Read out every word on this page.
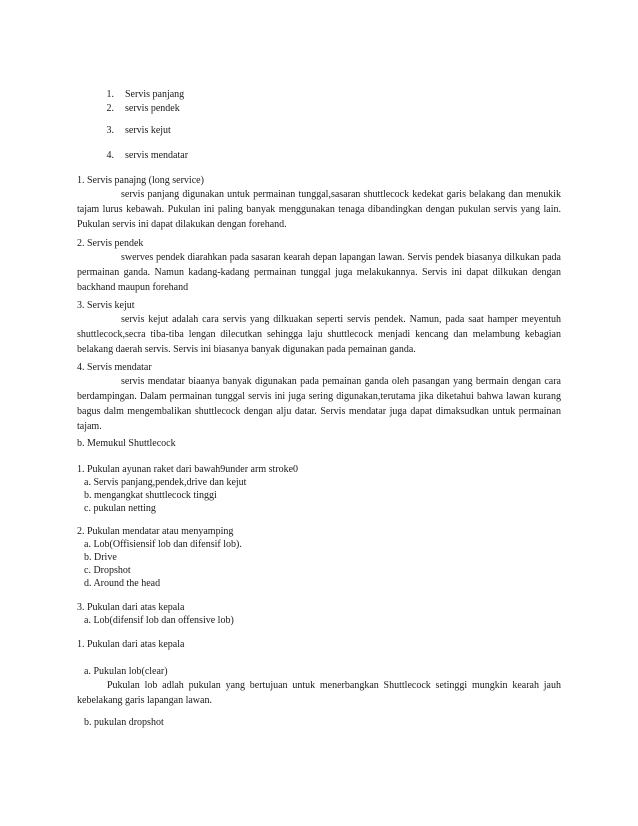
1. Servis panjang
2. servis pendek
3. servis kejut
4. servis mendatar
1. Servis panajng (long service)
servis panjang digunakan untuk permainan tunggal,sasaran shuttlecock kedekat garis belakang dan menukik tajam lurus kebawah. Pukulan ini paling banyak menggunakan tenaga dibandingkan dengan pukulan servis yang lain. Pukulan servis ini dapat dilakukan dengan forehand.
2. Servis pendek
swerves pendek diarahkan pada sasaran kearah depan lapangan lawan. Servis pendek biasanya dilkukan pada permainan ganda. Namun kadang-kadang permainan tunggal juga melakukannya. Servis ini dapat dilkukan dengan backhand maupun forehand
3. Servis kejut
servis kejut adalah cara servis yang dilkuakan seperti servis pendek. Namun, pada saat hamper meyentuh shuttlecock,secra tiba-tiba lengan dilecutkan sehingga laju shuttlecock menjadi kencang dan melambung kebagian belakang daerah servis. Servis ini biasanya banyak digunakan pada pemainan ganda.
4. Servis mendatar
servis mendatar biaanya banyak digunakan pada pemainan ganda oleh pasangan yang bermain dengan cara berdampingan. Dalam permainan tunggal servis ini juga sering digunakan,terutama jika diketahui bahwa lawan kurang bagus dalm mengembalikan shuttlecock dengan alju datar. Servis mendatar juga dapat dimaksudkan untuk permainan tajam.
b. Memukul Shuttlecock
1. Pukulan ayunan raket dari bawah9under arm stroke0
a. Servis panjang,pendek,drive dan kejut
b. mengangkat shuttlecock tinggi
c. pukulan netting
2. Pukulan mendatar atau menyamping
a. Lob(Offisiensif lob dan difensif lob).
b. Drive
c. Dropshot
d. Around the head
3. Pukulan dari atas kepala
a. Lob(difensif lob dan offensive lob)
1. Pukulan dari atas kepala
a. Pukulan lob(clear)
Pukulan lob adlah pukulan yang bertujuan untuk menerbangkan Shuttlecock setinggi mungkin kearah jauh kebelakang garis lapangan lawan.
b. pukulan dropshot
